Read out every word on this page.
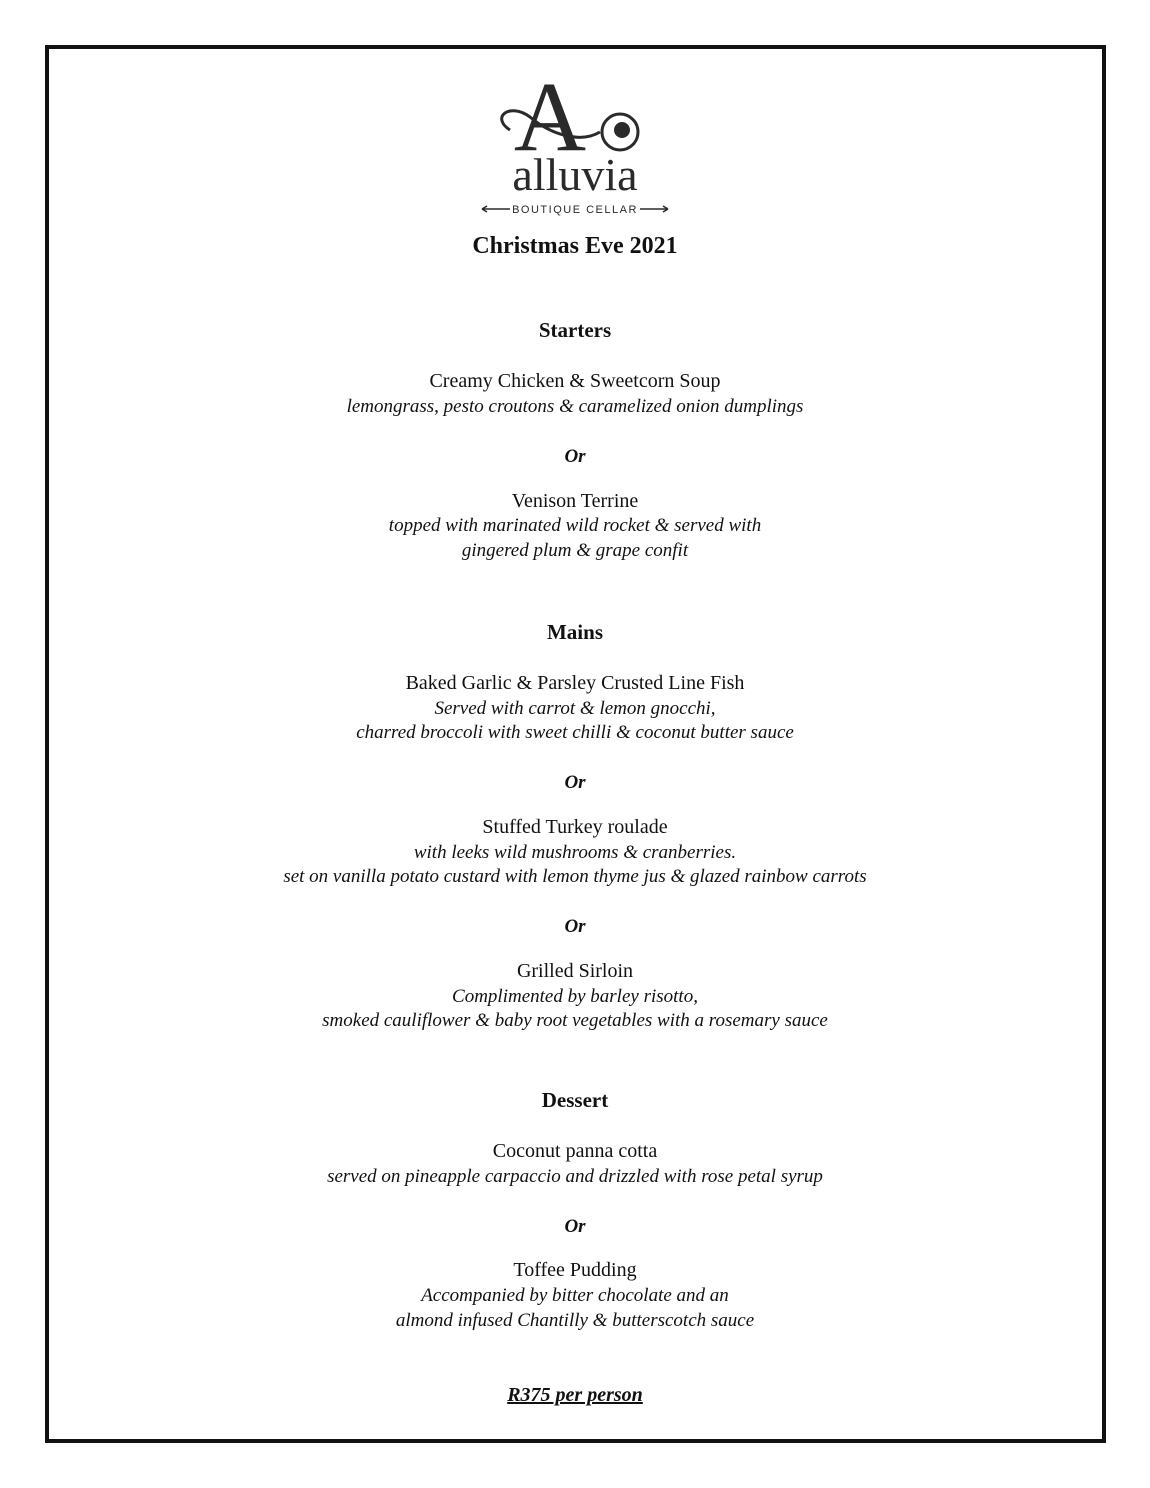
A
alluvia
BOUTIQUE CELLAR
Christmas Eve 2021
Starters
Creamy Chicken & Sweetcorn Soup
lemongrass, pesto croutons & caramelized onion dumplings
Or
Venison Terrine
topped with marinated wild rocket & served with
gingered plum & grape confit
Mains
Baked Garlic & Parsley Crusted Line Fish
Served with carrot & lemon gnocchi,
charred broccoli with sweet chilli & coconut butter sauce
Or
Stuffed Turkey roulade
with leeks wild mushrooms & cranberries.
set on vanilla potato custard with lemon thyme jus & glazed rainbow carrots
Or
Grilled Sirloin
Complimented by barley risotto,
smoked cauliflower & baby root vegetables with a rosemary sauce
Dessert
Coconut panna cotta
served on pineapple carpaccio and drizzled with rose petal syrup
Or
Toffee Pudding
Accompanied by bitter chocolate and an
almond infused Chantilly & butterscotch sauce
R375 per person
